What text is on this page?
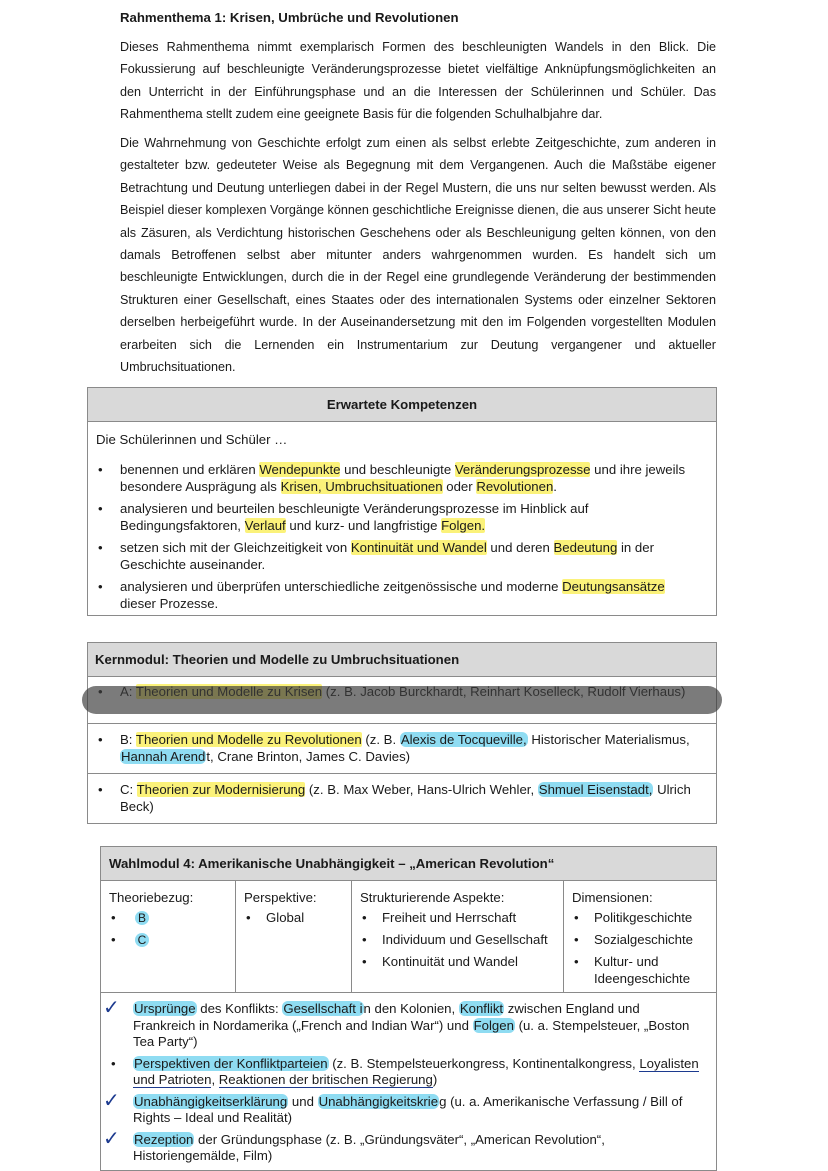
Rahmenthema 1: Krisen, Umbrüche und Revolutionen

Dieses Rahmenthema nimmt exemplarisch Formen des beschleunigten Wandels in den Blick. Die Fokussierung auf beschleunigte Veränderungsprozesse bietet vielfältige Anknüpfungsmöglichkeiten an den Unterricht in der Einführungsphase und an die Interessen der Schülerinnen und Schüler. Das Rahmenthema stellt zudem eine geeignete Basis für die folgenden Schulhalbjahre dar.

Die Wahrnehmung von Geschichte erfolgt zum einen als selbst erlebte Zeitgeschichte, zum anderen in gestalteter bzw. gedeuteter Weise als Begegnung mit dem Vergangenen. Auch die Maßstäbe eigener Betrachtung und Deutung unterliegen dabei in der Regel Mustern, die uns nur selten bewusst werden. Als Beispiel dieser komplexen Vorgänge können geschichtliche Ereignisse dienen, die aus unserer Sicht heute als Zäsuren, als Verdichtung historischen Geschehens oder als Beschleunigung gelten können, von den damals Betroffenen selbst aber mitunter anders wahrgenommen wurden. Es handelt sich um beschleunigte Entwicklungen, durch die in der Regel eine grundlegende Veränderung der bestimmenden Strukturen einer Gesellschaft, eines Staates oder des internationalen Systems oder einzelner Sektoren derselben herbeigeführt wurde. In der Auseinandersetzung mit den im Folgenden vorgestellten Modulen erarbeiten sich die Lernenden ein Instrumentarium zur Deutung vergangener und aktueller Umbruchsituationen.

Erwartete Kompetenzen
Die Schülerinnen und Schüler …
• benennen und erklären Wendepunkte und beschleunigte Veränderungsprozesse und ihre jeweils besondere Ausprägung als Krisen, Umbruchsituationen oder Revolutionen.
• analysieren und beurteilen beschleunigte Veränderungsprozesse im Hinblick auf Bedingungsfaktoren, Verlauf und kurz- und langfristige Folgen.
• setzen sich mit der Gleichzeitigkeit von Kontinuität und Wandel und deren Bedeutung in der Geschichte auseinander.
• analysieren und überprüfen unterschiedliche zeitgenössische und moderne Deutungsansätze dieser Prozesse.
Kernmodul: Theorien und Modelle zu Umbruchsituationen
•
• B: Theorien und Modelle zu Revolutionen (z. B. Alexis de Tocqueville, Historischer Materialismus, Hannah Arendt, Crane Brinton, James C. Davies)
• C: Theorien zur Modernisierung (z. B. Max Weber, Hans-Ulrich Wehler, Shmuel Eisenstadt, Ulrich Beck)
Wahlmodul 4: Amerikanische Unabhängigkeit – „American Revolution“
Theoriebezug:
• B
• C
Perspektive:
• Global
Strukturierende Aspekte:
• Freiheit und Herrschaft
• Individuum und Gesellschaft
• Kontinuität und Wandel
Dimensionen:
• Politikgeschichte
• Sozialgeschichte
• Kultur- und Ideengeschichte
✓ Ursprünge des Konflikts: Gesellschaft in den Kolonien, Konflikt zwischen England und Frankreich in Nordamerika („French and Indian War“) und Folgen (u. a. Stempelsteuer, „Boston Tea Party“)
• Perspektiven der Konfliktparteien (z. B. Stempelsteuerkongress, Kontinentalkongress, Loyalisten und Patrioten, Reaktionen der britischen Regierung)
✓ Unabhängigkeitserklärung und Unabhängigkeitskrieg (u. a. Amerikanische Verfassung / Bill of Rights – Ideal und Realität)
✓ Rezeption der Gründungsphase (z. B. „Gründungsväter“, „American Revolution“, Historiengemälde, Film)
